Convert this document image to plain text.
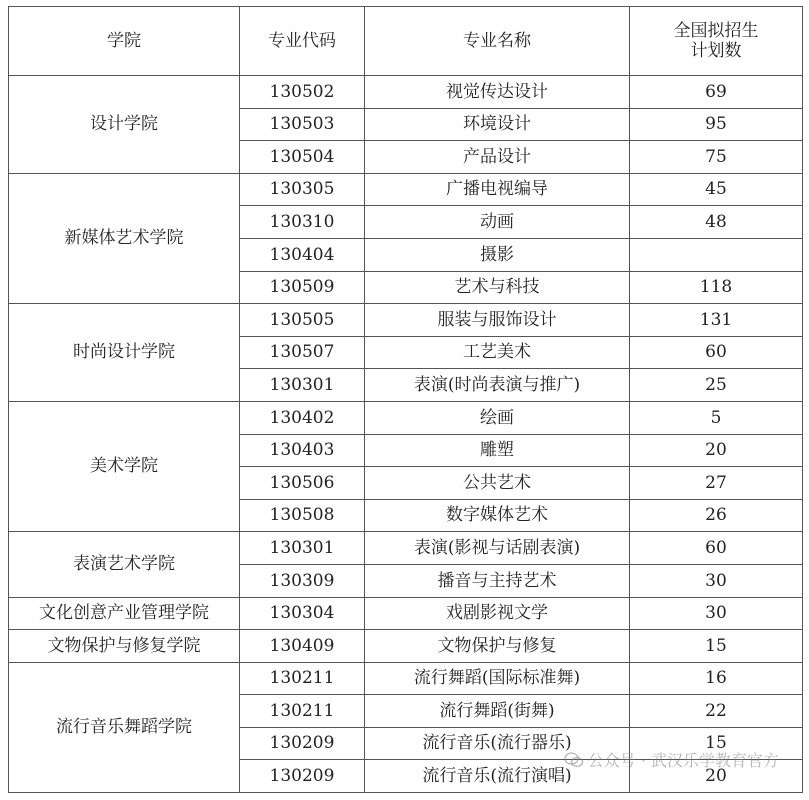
学院	专业代码	专业名称	全国拟招生
计划数

设计学院	130502	视觉传达设计	69
	130503	环境设计	95
	130504	产品设计	75
新媒体艺术学院	130305	广播电视编导	45
	130310	动画	48
	130404	摄影	
	130509	艺术与科技	118
时尚设计学院	130505	服装与服饰设计	131
	130507	工艺美术	60
	130301	表演(时尚表演与推广)	25
美术学院	130402	绘画	5
	130403	雕塑	20
	130506	公共艺术	27
	130508	数字媒体艺术	26
表演艺术学院	130301	表演(影视与话剧表演)	60
	130309	播音与主持艺术	30
文化创意产业管理学院	130304	戏剧影视文学	30
文物保护与修复学院	130409	文物保护与修复	15
流行音乐舞蹈学院	130211	流行舞蹈(国际标准舞)	16
	130211	流行舞蹈(街舞)	22
	130209	流行音乐(流行器乐)	15
	130209	流行音乐(流行演唱)	20
公众号 · 武汉乐学教育官方
